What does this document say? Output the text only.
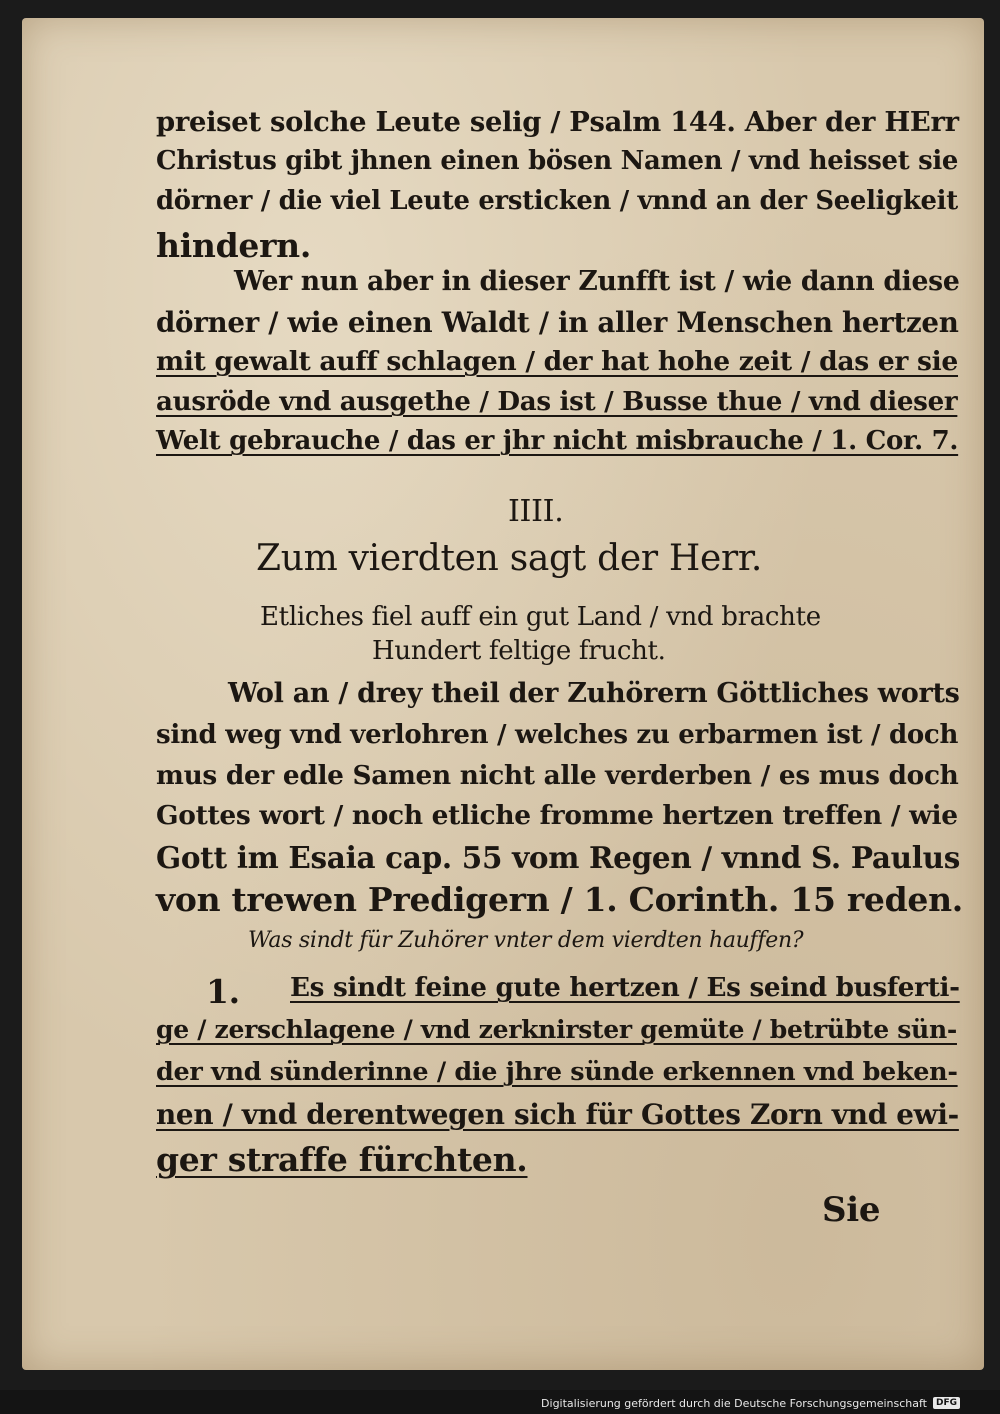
preiset solche Leute selig / Psalm 144. Aber der HErr
Christus gibt jhnen einen bösen Namen / vnd heisset sie
dörner / die viel Leute ersticken / vnnd an der Seeligkeit
hindern.
Wer nun aber in dieser Zunfft ist / wie dann diese
dörner / wie einen Waldt / in aller Menschen hertzen
mit gewalt auff schlagen / der hat hohe zeit / das er sie
ausröde vnd ausgethe / Das ist / Busse thue / vnd dieser
Welt gebrauche / das er jhr nicht misbrauche / 1. Cor. 7.
IIII.
Zum vierdten sagt der Herr.
Etliches fiel auff ein gut Land / vnd brachte
Hundert feltige frucht.
Wol an / drey theil der Zuhörern Göttliches worts
sind weg vnd verlohren / welches zu erbarmen ist / doch
mus der edle Samen nicht alle verderben / es mus doch
Gottes wort / noch etliche fromme hertzen treffen / wie
Gott im Esaia cap. 55 vom Regen / vnnd S. Paulus
von trewen Predigern / 1. Corinth. 15 reden.
Was sindt für Zuhörer vnter dem vierdten hauffen?
1. Es sindt feine gute hertzen / Es seind busferti-
ge / zerschlagene / vnd zerknirster gemüte / betrübte sün-
der vnd sünderinne / die jhre sünde erkennen vnd beken-
nen / vnd derentwegen sich für Gottes Zorn vnd ewi-
ger straffe fürchten.
Sie
Digitalisierung gefördert durch die Deutsche Forschungsgemeinschaft	DFG
